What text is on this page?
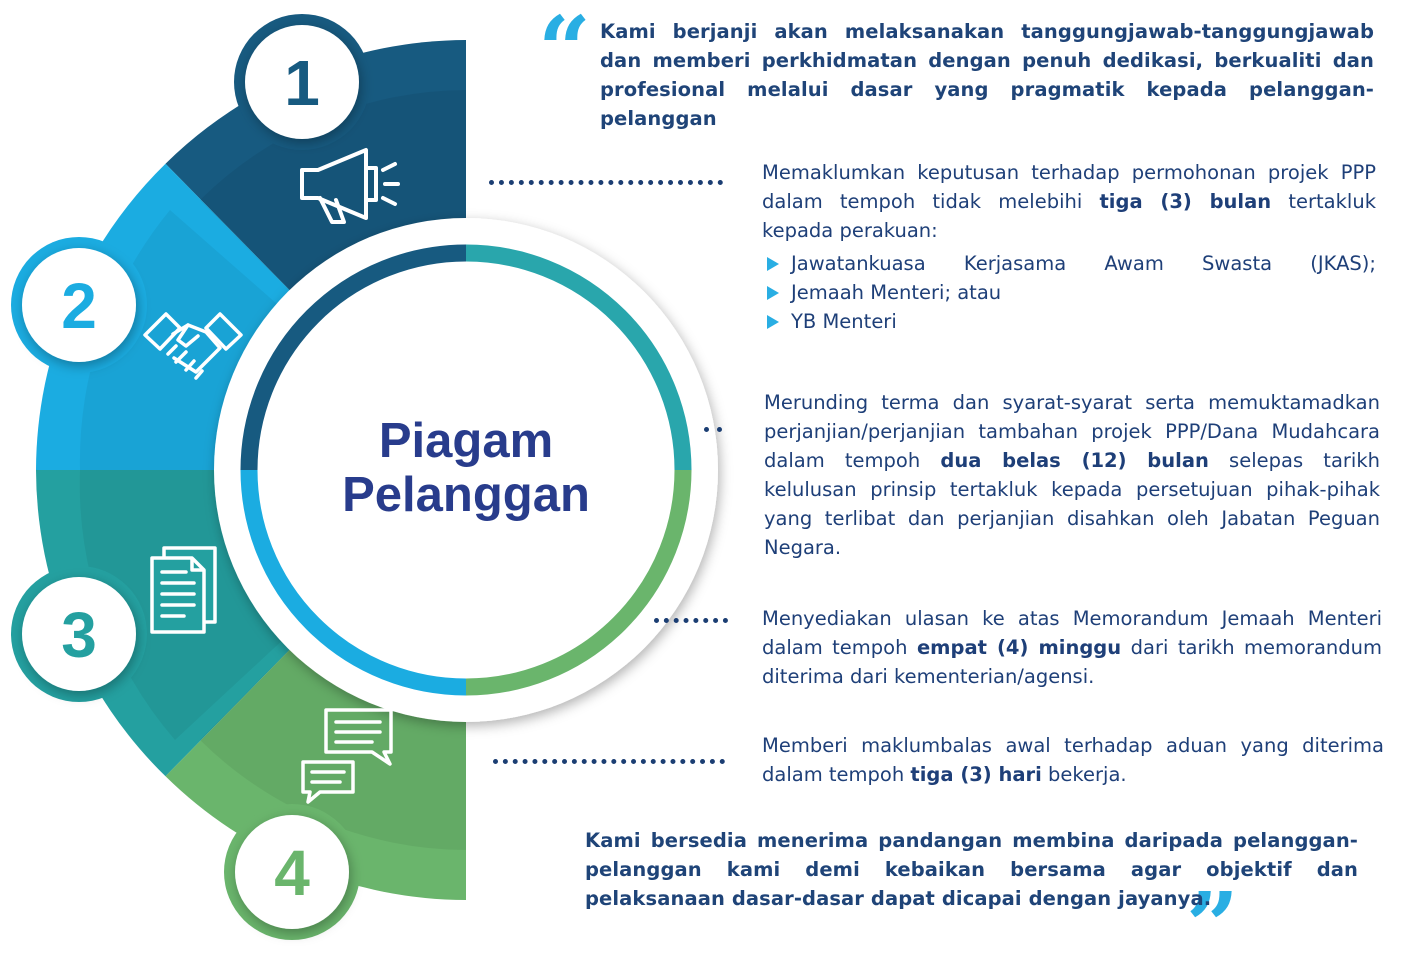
Piagam
Pelanggan
1
2
3
4
“
”
Kami berjanji akan melaksanakan tanggungjawab-tanggungjawab dan memberi perkhidmatan dengan penuh dedikasi, berkualiti dan profesional melalui dasar yang pragmatik kepada pelanggan-pelanggan
Memaklumkan keputusan terhadap permohonan projek PPP dalam tempoh tidak melebihi tiga (3) bulan tertakluk kepada perakuan:
Jawatankuasa Kerjasama Awam Swasta (JKAS);
Jemaah Menteri; atau
YB Menteri
Merunding terma dan syarat-syarat serta memuktamadkan perjanjian/perjanjian tambahan projek PPP/Dana Mudahcara dalam tempoh dua belas (12) bulan selepas tarikh kelulusan prinsip tertakluk kepada persetujuan pihak-pihak yang terlibat dan perjanjian disahkan oleh Jabatan Peguan Negara.
Menyediakan ulasan ke atas Memorandum Jemaah Menteri dalam tempoh empat (4) minggu dari tarikh memorandum diterima dari kementerian/agensi.
Memberi maklumbalas awal terhadap aduan yang diterima dalam tempoh tiga (3) hari bekerja.
Kami bersedia menerima pandangan membina daripada pelanggan-pelanggan kami demi kebaikan bersama agar objektif dan pelaksanaan dasar-dasar dapat dicapai dengan jayanya.
